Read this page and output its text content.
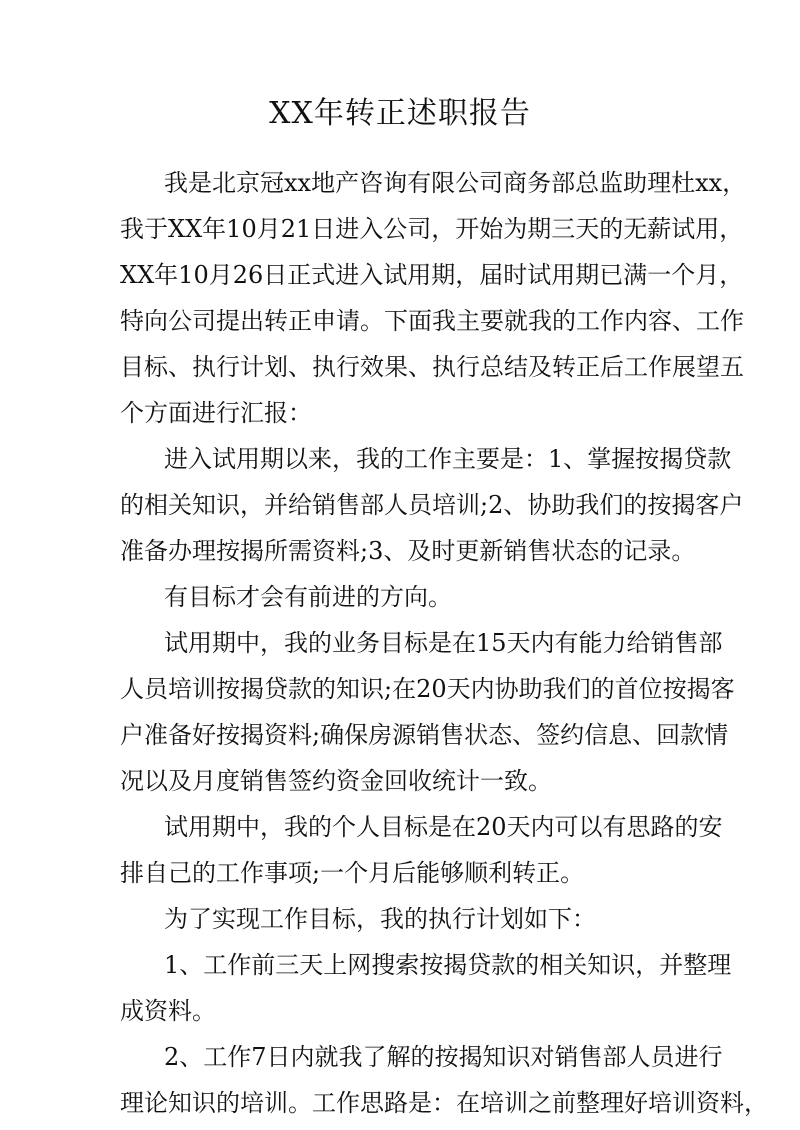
XX年转正述职报告
我是北京冠xx地产咨询有限公司商务部总监助理杜xx，
我于XX年10月21日进入公司，开始为期三天的无薪试用，
XX年10月26日正式进入试用期，届时试用期已满一个月，
特向公司提出转正申请。下面我主要就我的工作内容、工作
目标、执行计划、执行效果、执行总结及转正后工作展望五
个方面进行汇报：
进入试用期以来，我的工作主要是：1、掌握按揭贷款
的相关知识，并给销售部人员培训;2、协助我们的按揭客户
准备办理按揭所需资料;3、及时更新销售状态的记录。
有目标才会有前进的方向。
试用期中，我的业务目标是在15天内有能力给销售部
人员培训按揭贷款的知识;在20天内协助我们的首位按揭客
户准备好按揭资料;确保房源销售状态、签约信息、回款情
况以及月度销售签约资金回收统计一致。
试用期中，我的个人目标是在20天内可以有思路的安
排自己的工作事项;一个月后能够顺利转正。
为了实现工作目标，我的执行计划如下：
1、工作前三天上网搜索按揭贷款的相关知识，并整理
成资料。
2、工作7日内就我了解的按揭知识对销售部人员进行
理论知识的培训。工作思路是：在培训之前整理好培训资料，
